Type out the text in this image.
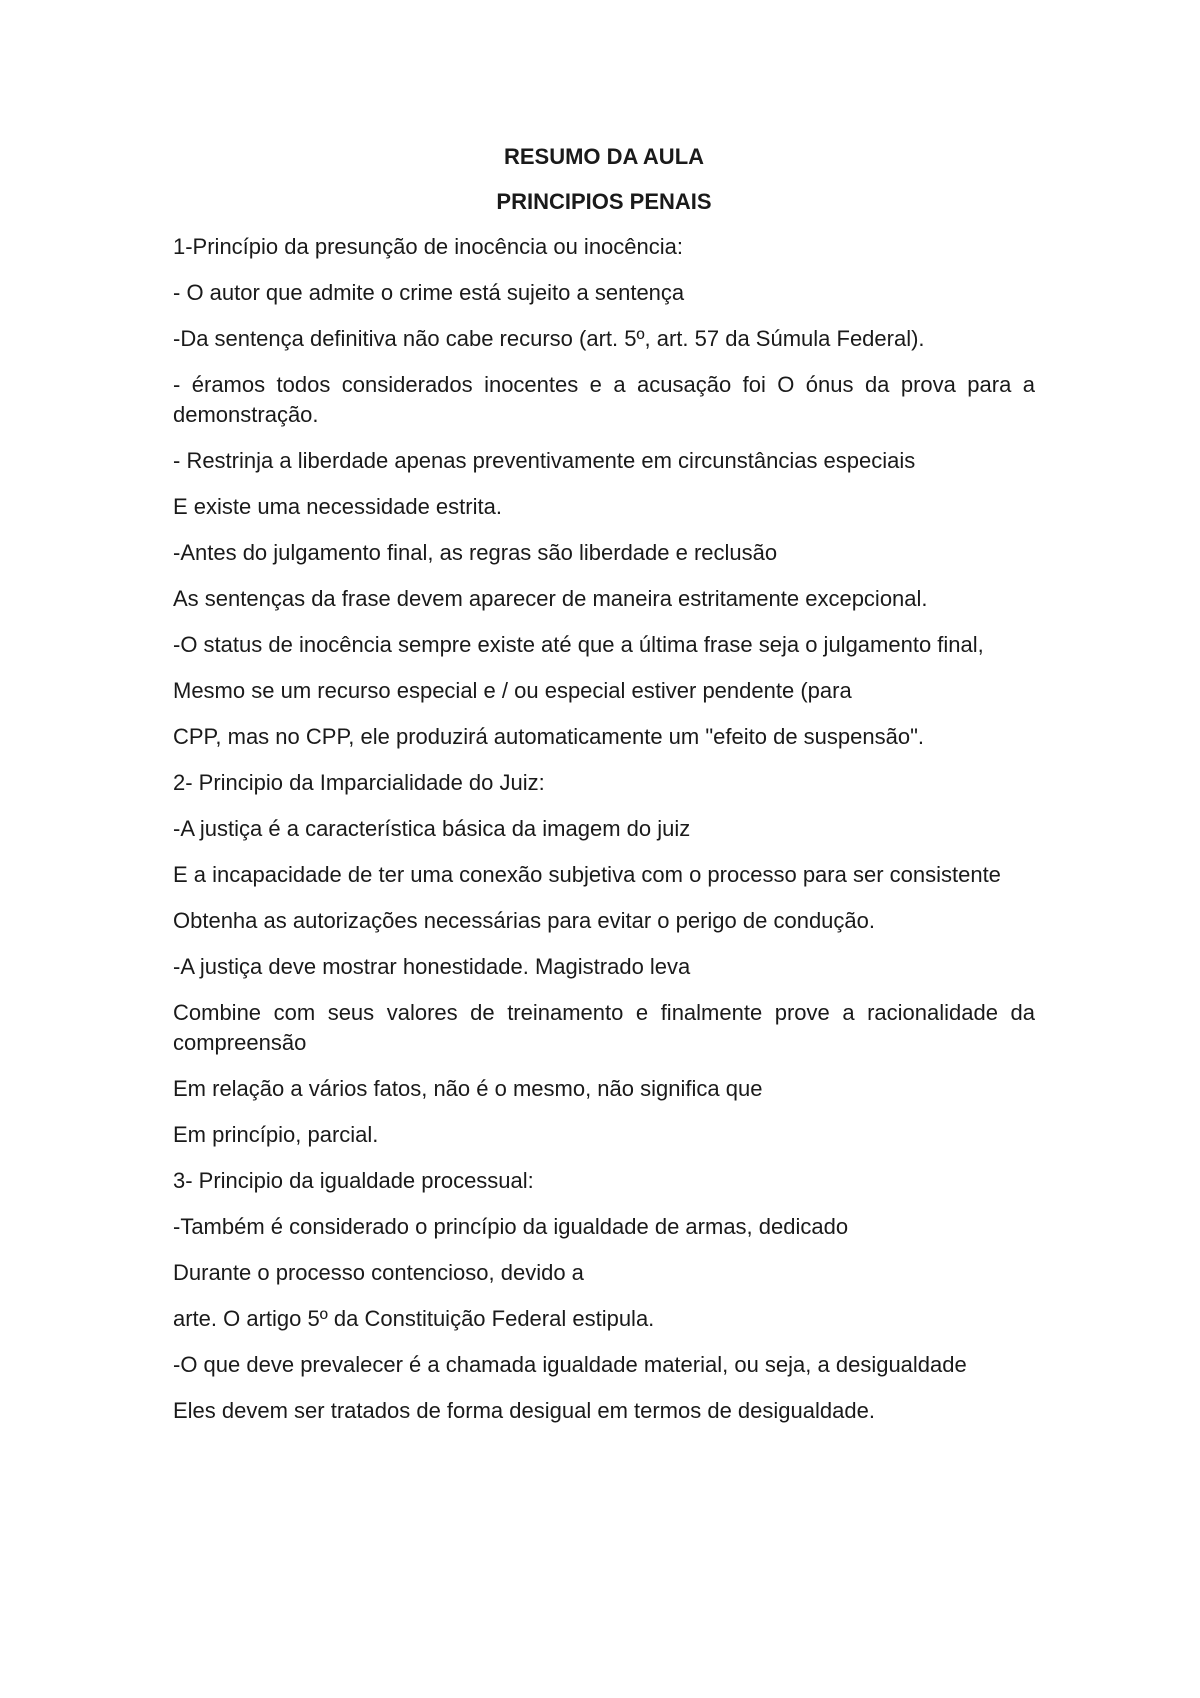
RESUMO DA AULA
PRINCIPIOS PENAIS
1-Princípio da presunção de inocência ou inocência:
- O autor que admite o crime está sujeito a sentença
-Da sentença definitiva não cabe recurso (art. 5º, art. 57 da Súmula Federal).
- éramos todos considerados inocentes e a acusação foi O ónus da prova para a demonstração.
- Restrinja a liberdade apenas preventivamente em circunstâncias especiais
E existe uma necessidade estrita.
-Antes do julgamento final, as regras são liberdade e reclusão
As sentenças da frase devem aparecer de maneira estritamente excepcional.
-O status de inocência sempre existe até que a última frase seja o julgamento final,
Mesmo se um recurso especial e / ou especial estiver pendente (para
CPP, mas no CPP, ele produzirá automaticamente um "efeito de suspensão".
2- Principio da Imparcialidade do Juiz:
-A justiça é a característica básica da imagem do juiz
E a incapacidade de ter uma conexão subjetiva com o processo para ser consistente
Obtenha as autorizações necessárias para evitar o perigo de condução.
-A justiça deve mostrar honestidade. Magistrado leva
Combine com seus valores de treinamento e finalmente prove a racionalidade da compreensão
Em relação a vários fatos, não é o mesmo, não significa que
Em princípio, parcial.
3- Principio da igualdade processual:
-Também é considerado o princípio da igualdade de armas, dedicado
Durante o processo contencioso, devido a
arte. O artigo 5º da Constituição Federal estipula.
-O que deve prevalecer é a chamada igualdade material, ou seja, a desigualdade
Eles devem ser tratados de forma desigual em termos de desigualdade.
